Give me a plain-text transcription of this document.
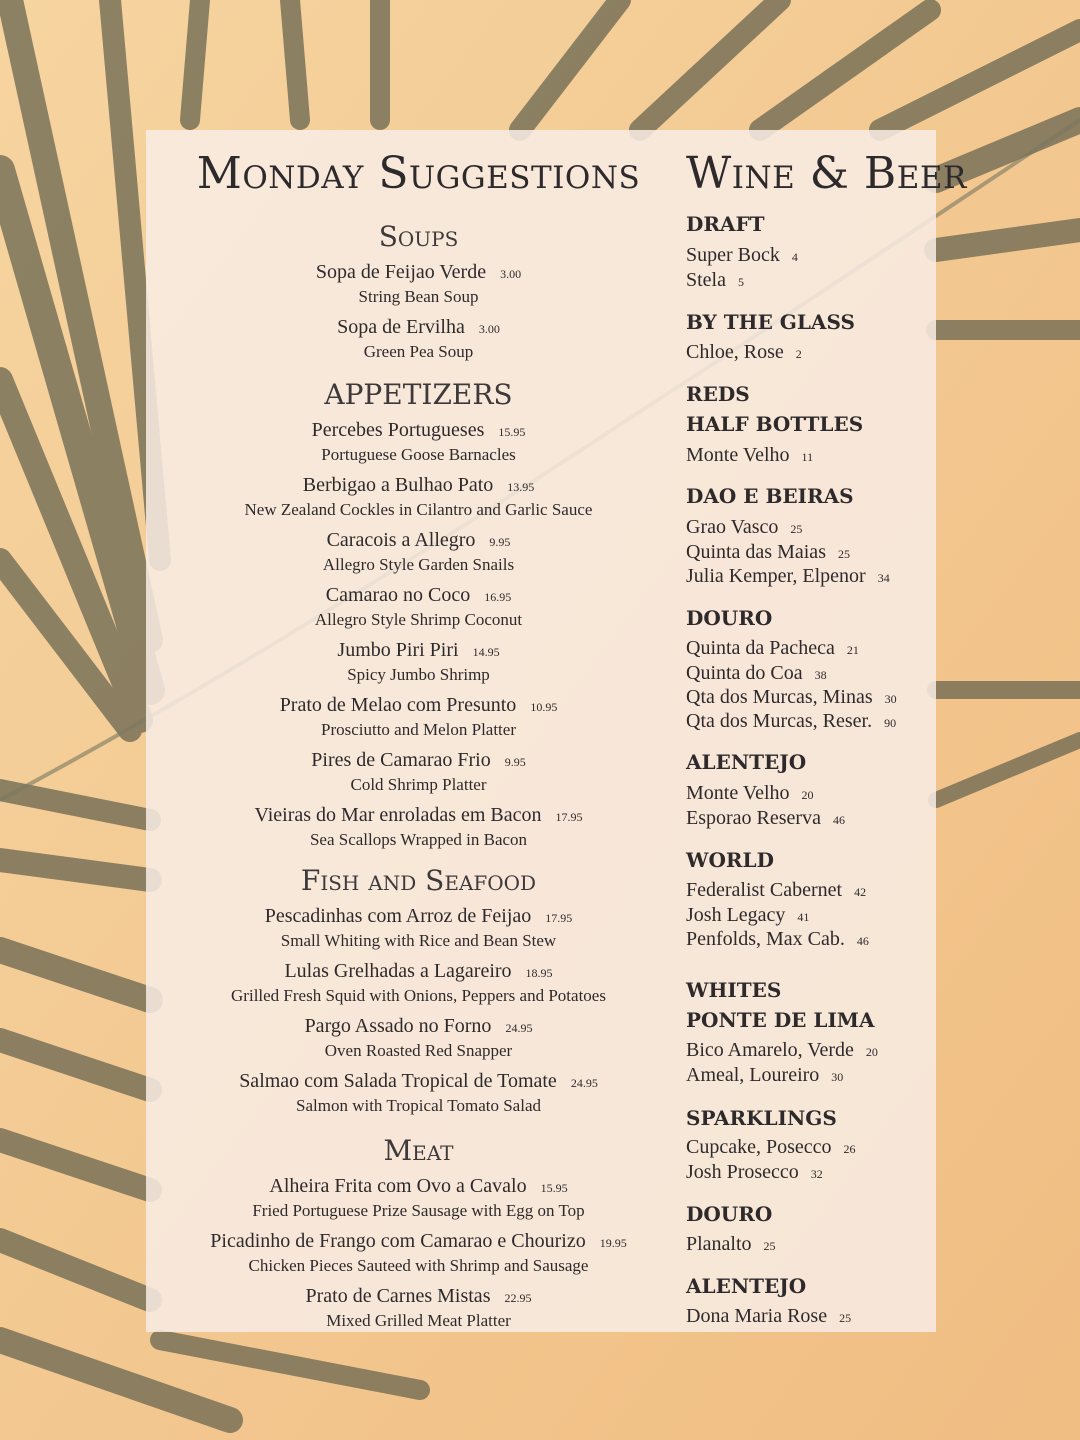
Monday Suggestions
Soups
Sopa de Feijao Verde 3.00
String Bean Soup
Sopa de Ervilha 3.00
Green Pea Soup
APPETIZERS
Percebes Portugueses 15.95
Portuguese Goose Barnacles
Berbigao a Bulhao Pato 13.95
New Zealand Cockles in Cilantro and Garlic Sauce
Caracois a Allegro 9.95
Allegro Style Garden Snails
Camarao no Coco 16.95
Allegro Style Shrimp Coconut
Jumbo Piri Piri 14.95
Spicy Jumbo Shrimp
Prato de Melao com Presunto 10.95
Prosciutto and Melon Platter
Pires de Camarao Frio 9.95
Cold Shrimp Platter
Vieiras do Mar enroladas em Bacon 17.95
Sea Scallops Wrapped in Bacon
Fish and Seafood
Pescadinhas com Arroz de Feijao 17.95
Small Whiting with Rice and Bean Stew
Lulas Grelhadas a Lagareiro 18.95
Grilled Fresh Squid with Onions, Peppers and Potatoes
Pargo Assado no Forno 24.95
Oven Roasted Red Snapper
Salmao com Salada Tropical de Tomate 24.95
Salmon with Tropical Tomato Salad
Meat
Alheira Frita com Ovo a Cavalo 15.95
Fried Portuguese Prize Sausage with Egg on Top
Picadinho de Frango com Camarao e Chourizo 19.95
Chicken Pieces Sauteed with Shrimp and Sausage
Prato de Carnes Mistas 22.95
Mixed Grilled Meat Platter
Wine & Beer
DRAFT
BY THE GLASS
REDS
HALF BOTTLES
DAO E BEIRAS
DOURO
ALENTEJO
WORLD
WHITES
PONTE DE LIMA
SPARKLINGS
DOURO
ALENTEJO
Super Bock 4
Stela 5
Chloe, Rose 2
Monte Velho 11
Grao Vasco 25
Quinta das Maias 25
Julia Kemper, Elpenor 34
Quinta da Pacheca 21
Quinta do Coa 38
Qta dos Murcas, Minas 30
Qta dos Murcas, Reser. 90
Monte Velho 20
Esporao Reserva 46
Federalist Cabernet 42
Josh Legacy 41
Penfolds, Max Cab. 46
Bico Amarelo, Verde 20
Ameal, Loureiro 30
Cupcake, Posecco 26
Josh Prosecco 32
Planalto 25
Dona Maria Rose 25
